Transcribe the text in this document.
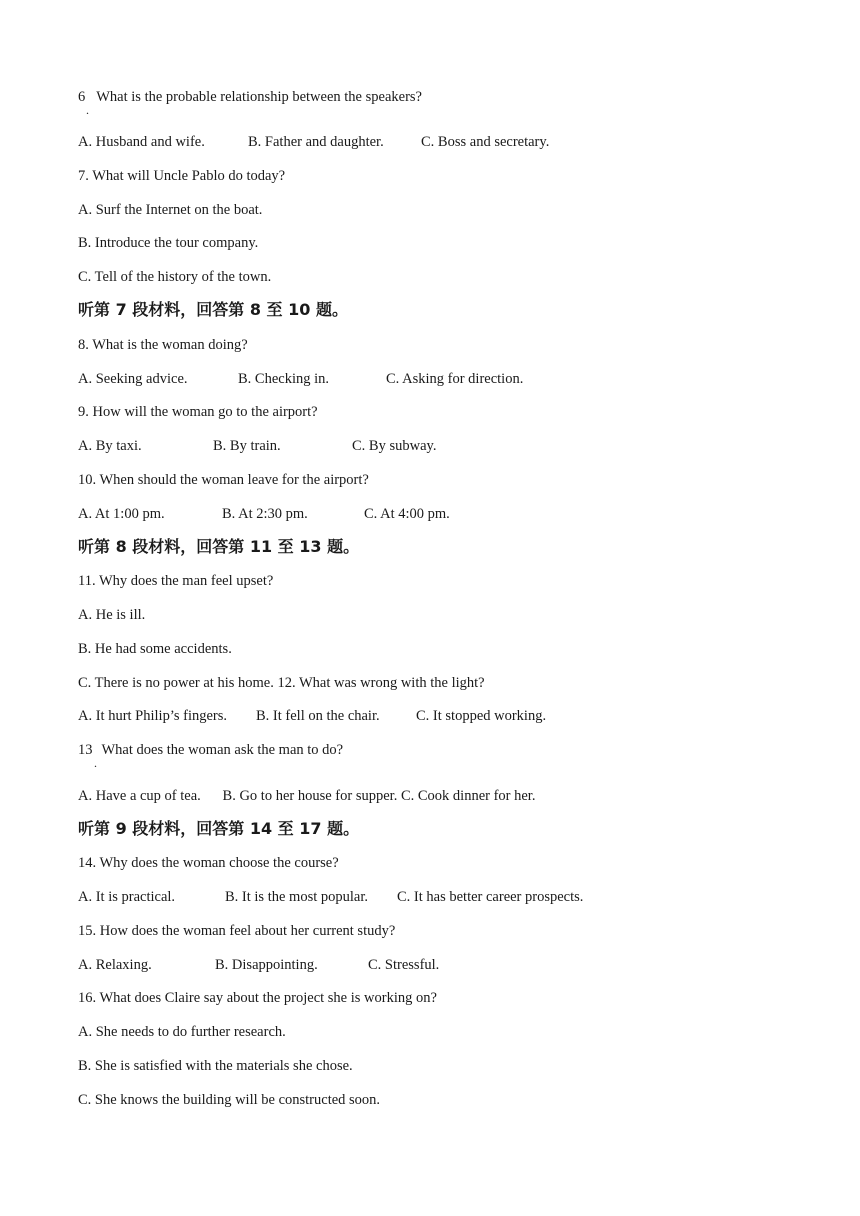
6 What is the probable relationship between the speakers?
.
A. Husband and wife.	B. Father and daughter.	C. Boss and secretary.
7. What will Uncle Pablo do today?
A. Surf the Internet on the boat.
B. Introduce the tour company.
C. Tell of the history of the town.
听第 7 段材料，回答第 8 至 10 题。
8. What is the woman doing?
A. Seeking advice.	B. Checking in.	C. Asking for direction.
9. How will the woman go to the airport?
A. By taxi.	B. By train.	C. By subway.
10. When should the woman leave for the airport?
A. At 1:00 pm.	B. At 2:30 pm.	C. At 4:00 pm.
听第 8 段材料，回答第 11 至 13 题。
11. Why does the man feel upset?
A. He is ill.
B. He had some accidents.
C. There is no power at his home. 12. What was wrong with the light?
A. It hurt Philip’s fingers. B. It fell on the chair.	C. It stopped working.
13 What does the woman ask the man to do?
.
A. Have a cup of tea.      B. Go to her house for supper. C. Cook dinner for her.
听第 9 段材料，回答第 14 至 17 题。
14. Why does the woman choose the course?
A. It is practical.	B. It is the most popular. C. It has better career prospects.
15. How does the woman feel about her current study?
A. Relaxing.	B. Disappointing.	C. Stressful.
16. What does Claire say about the project she is working on?
A. She needs to do further research.
B. She is satisfied with the materials she chose.
C. She knows the building will be constructed soon.
